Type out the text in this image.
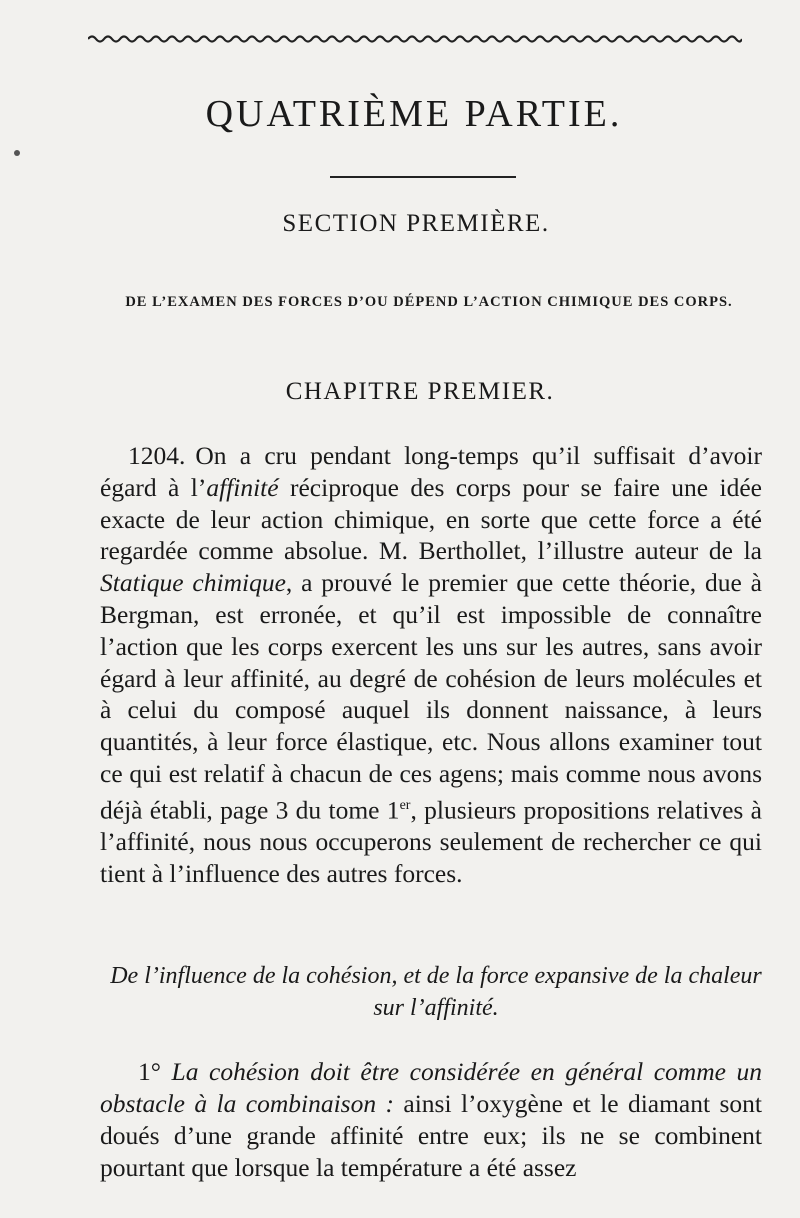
QUATRIÈME PARTIE.
SECTION PREMIÈRE.
DE L’EXAMEN DES FORCES D’OU DÉPEND L’ACTION CHIMIQUE DES CORPS.
CHAPITRE PREMIER.

1204. On a cru pendant long-temps qu’il suffisait d’avoir égard à l’affinité réciproque des corps pour se faire une idée exacte de leur action chimique, en sorte que cette force a été regardée comme absolue. M. Berthollet, l’illustre auteur de la Statique chimique, a prouvé le premier que cette théorie, due à Bergman, est erronée, et qu’il est impossible de connaître l’action que les corps exercent les uns sur les autres, sans avoir égard à leur affinité, au degré de cohésion de leurs molécules et à celui du composé auquel ils donnent naissance, à leurs quantités, à leur force élastique, etc. Nous allons examiner tout ce qui est relatif à chacun de ces agens; mais comme nous avons déjà établi, page 3 du tome 1er, plusieurs propositions relatives à l’affinité, nous nous occuperons seulement de rechercher ce qui tient à l’influence des autres forces.

De l’influence de la cohésion, et de la force expansive de la chaleur sur l’affinité.

1° La cohésion doit être considérée en général comme un obstacle à la combinaison : ainsi l’oxygène et le diamant sont doués d’une grande affinité entre eux; ils ne se combinent pourtant que lorsque la température a été assez
